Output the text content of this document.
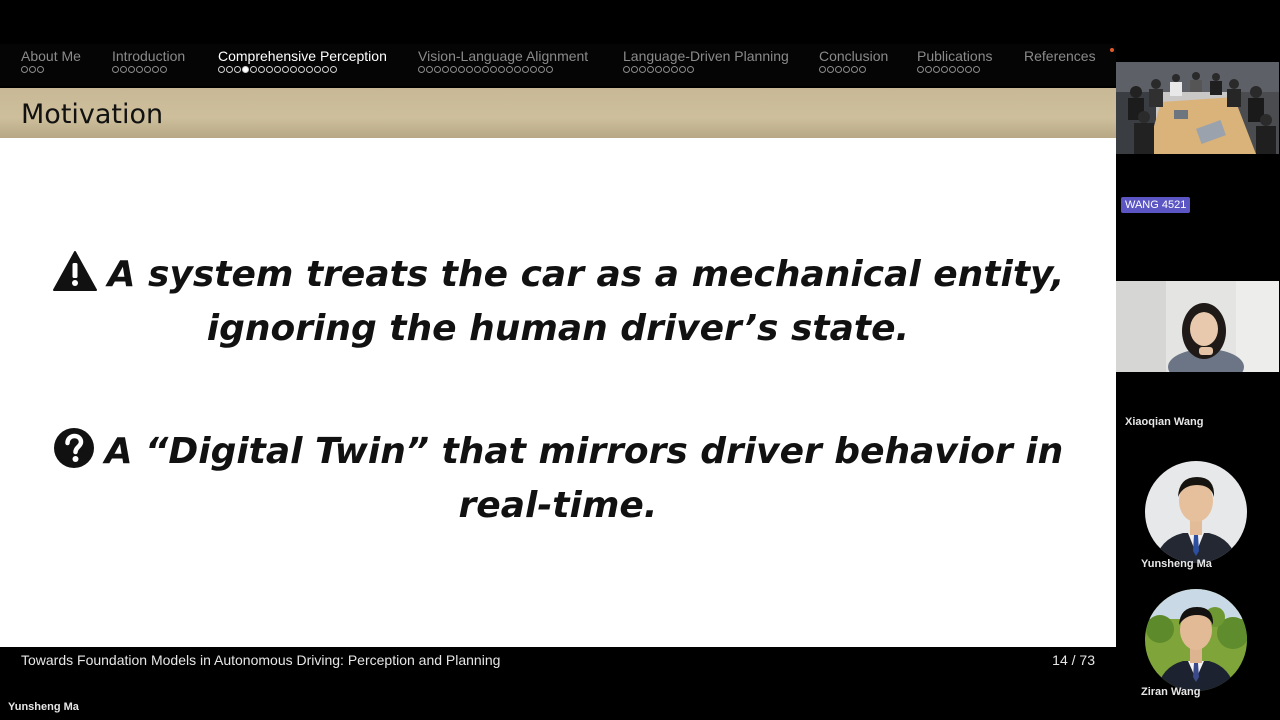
About Me Introduction Comprehensive Perception Vision-Language Alignment Language-Driven Planning Conclusion Publications References
Motivation
A system treats the car as a mechanical entity,
ignoring the human driver’s state.
A “Digital Twin” that mirrors driver behavior in
real-time.
Towards Foundation Models in Autonomous Driving: Perception and Planning	14 / 73
Yunsheng Ma
WANG 4521
Xiaoqian Wang
Yunsheng Ma
Ziran Wang
